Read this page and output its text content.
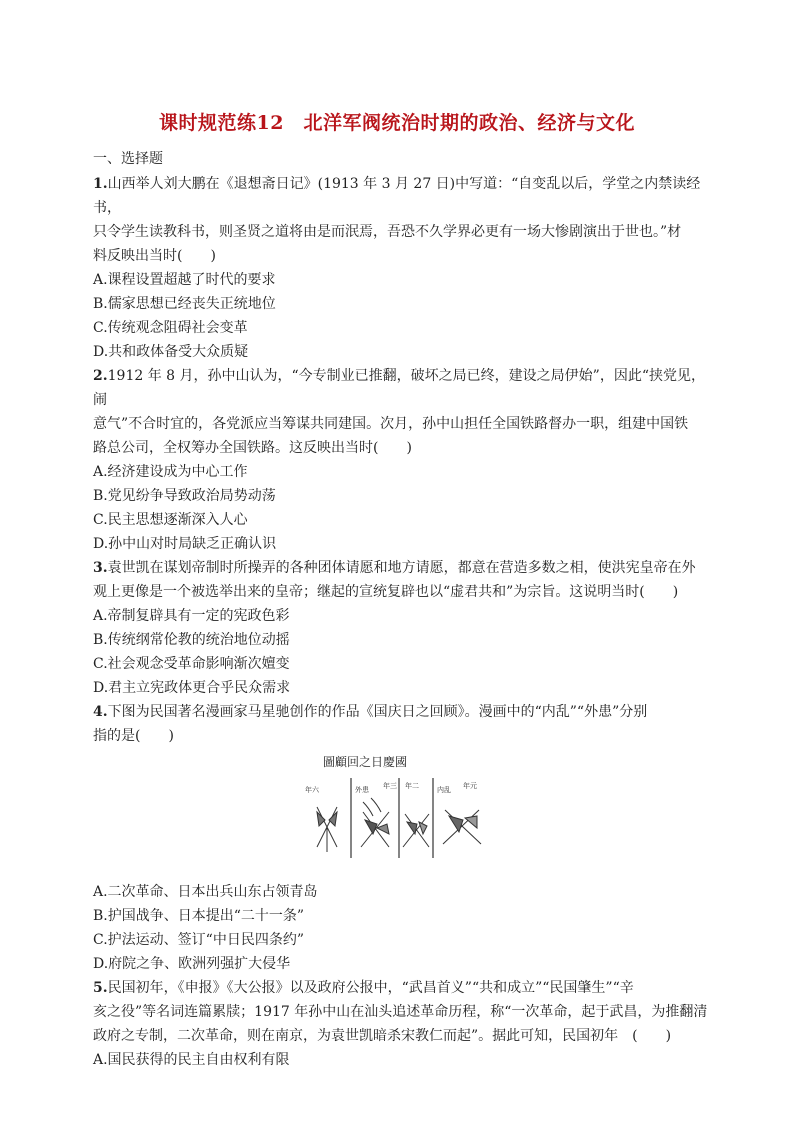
课时规范练12　北洋军阀统治时期的政治、经济与文化
一、选择题

1.山西举人刘大鹏在《退想斋日记》(1913 年 3 月 27 日)中写道：“自变乱以后，学堂之内禁读经书，

只令学生读教科书，则圣贤之道将由是而泯焉，吾恐不久学界必更有一场大惨剧演出于世也。”材

料反映出当时(　　)

A.课程设置超越了时代的要求

B.儒家思想已经丧失正统地位

C.传统观念阻碍社会变革

D.共和政体备受大众质疑

2.1912 年 8 月，孙中山认为，“今专制业已推翻，破坏之局已终，建设之局伊始”，因此“挟党见，闹

意气”不合时宜的，各党派应当筹谋共同建国。次月，孙中山担任全国铁路督办一职，组建中国铁

路总公司，全权筹办全国铁路。这反映出当时(　　)

A.经济建设成为中心工作

B.党见纷争导致政治局势动荡

C.民主思想逐渐深入人心

D.孙中山对时局缺乏正确认识

3.袁世凯在谋划帝制时所操弄的各种团体请愿和地方请愿，都意在营造多数之相，使洪宪皇帝在外

观上更像是一个被选举出来的皇帝；继起的宣统复辟也以“虚君共和”为宗旨。这说明当时(　　)

A.帝制复辟具有一定的宪政色彩

B.传统纲常伦教的统治地位动摇

C.社会观念受革命影响渐次嬗变

D.君主立宪政体更合乎民众需求

4.下图为民国著名漫画家马星驰创作的作品《国庆日之回顾》。漫画中的“内乱”“外患”分别

指的是(　　)

圖顧回之日慶國
年六	外患 年三 年二	内乱 年元

A.二次革命、日本出兵山东占领青岛

B.护国战争、日本提出“二十一条”

C.护法运动、签订“中日民四条约”

D.府院之争、欧洲列强扩大侵华

5.民国初年，《申报》《大公报》以及政府公报中，“武昌首义”“共和成立”“民国肇生”“辛

亥之役”等名词连篇累牍；1917 年孙中山在汕头追述革命历程，称“一次革命，起于武昌，为推翻清

政府之专制，二次革命，则在南京，为袁世凯暗杀宋教仁而起”。据此可知，民国初年　(　　)

A.国民获得的民主自由权利有限
